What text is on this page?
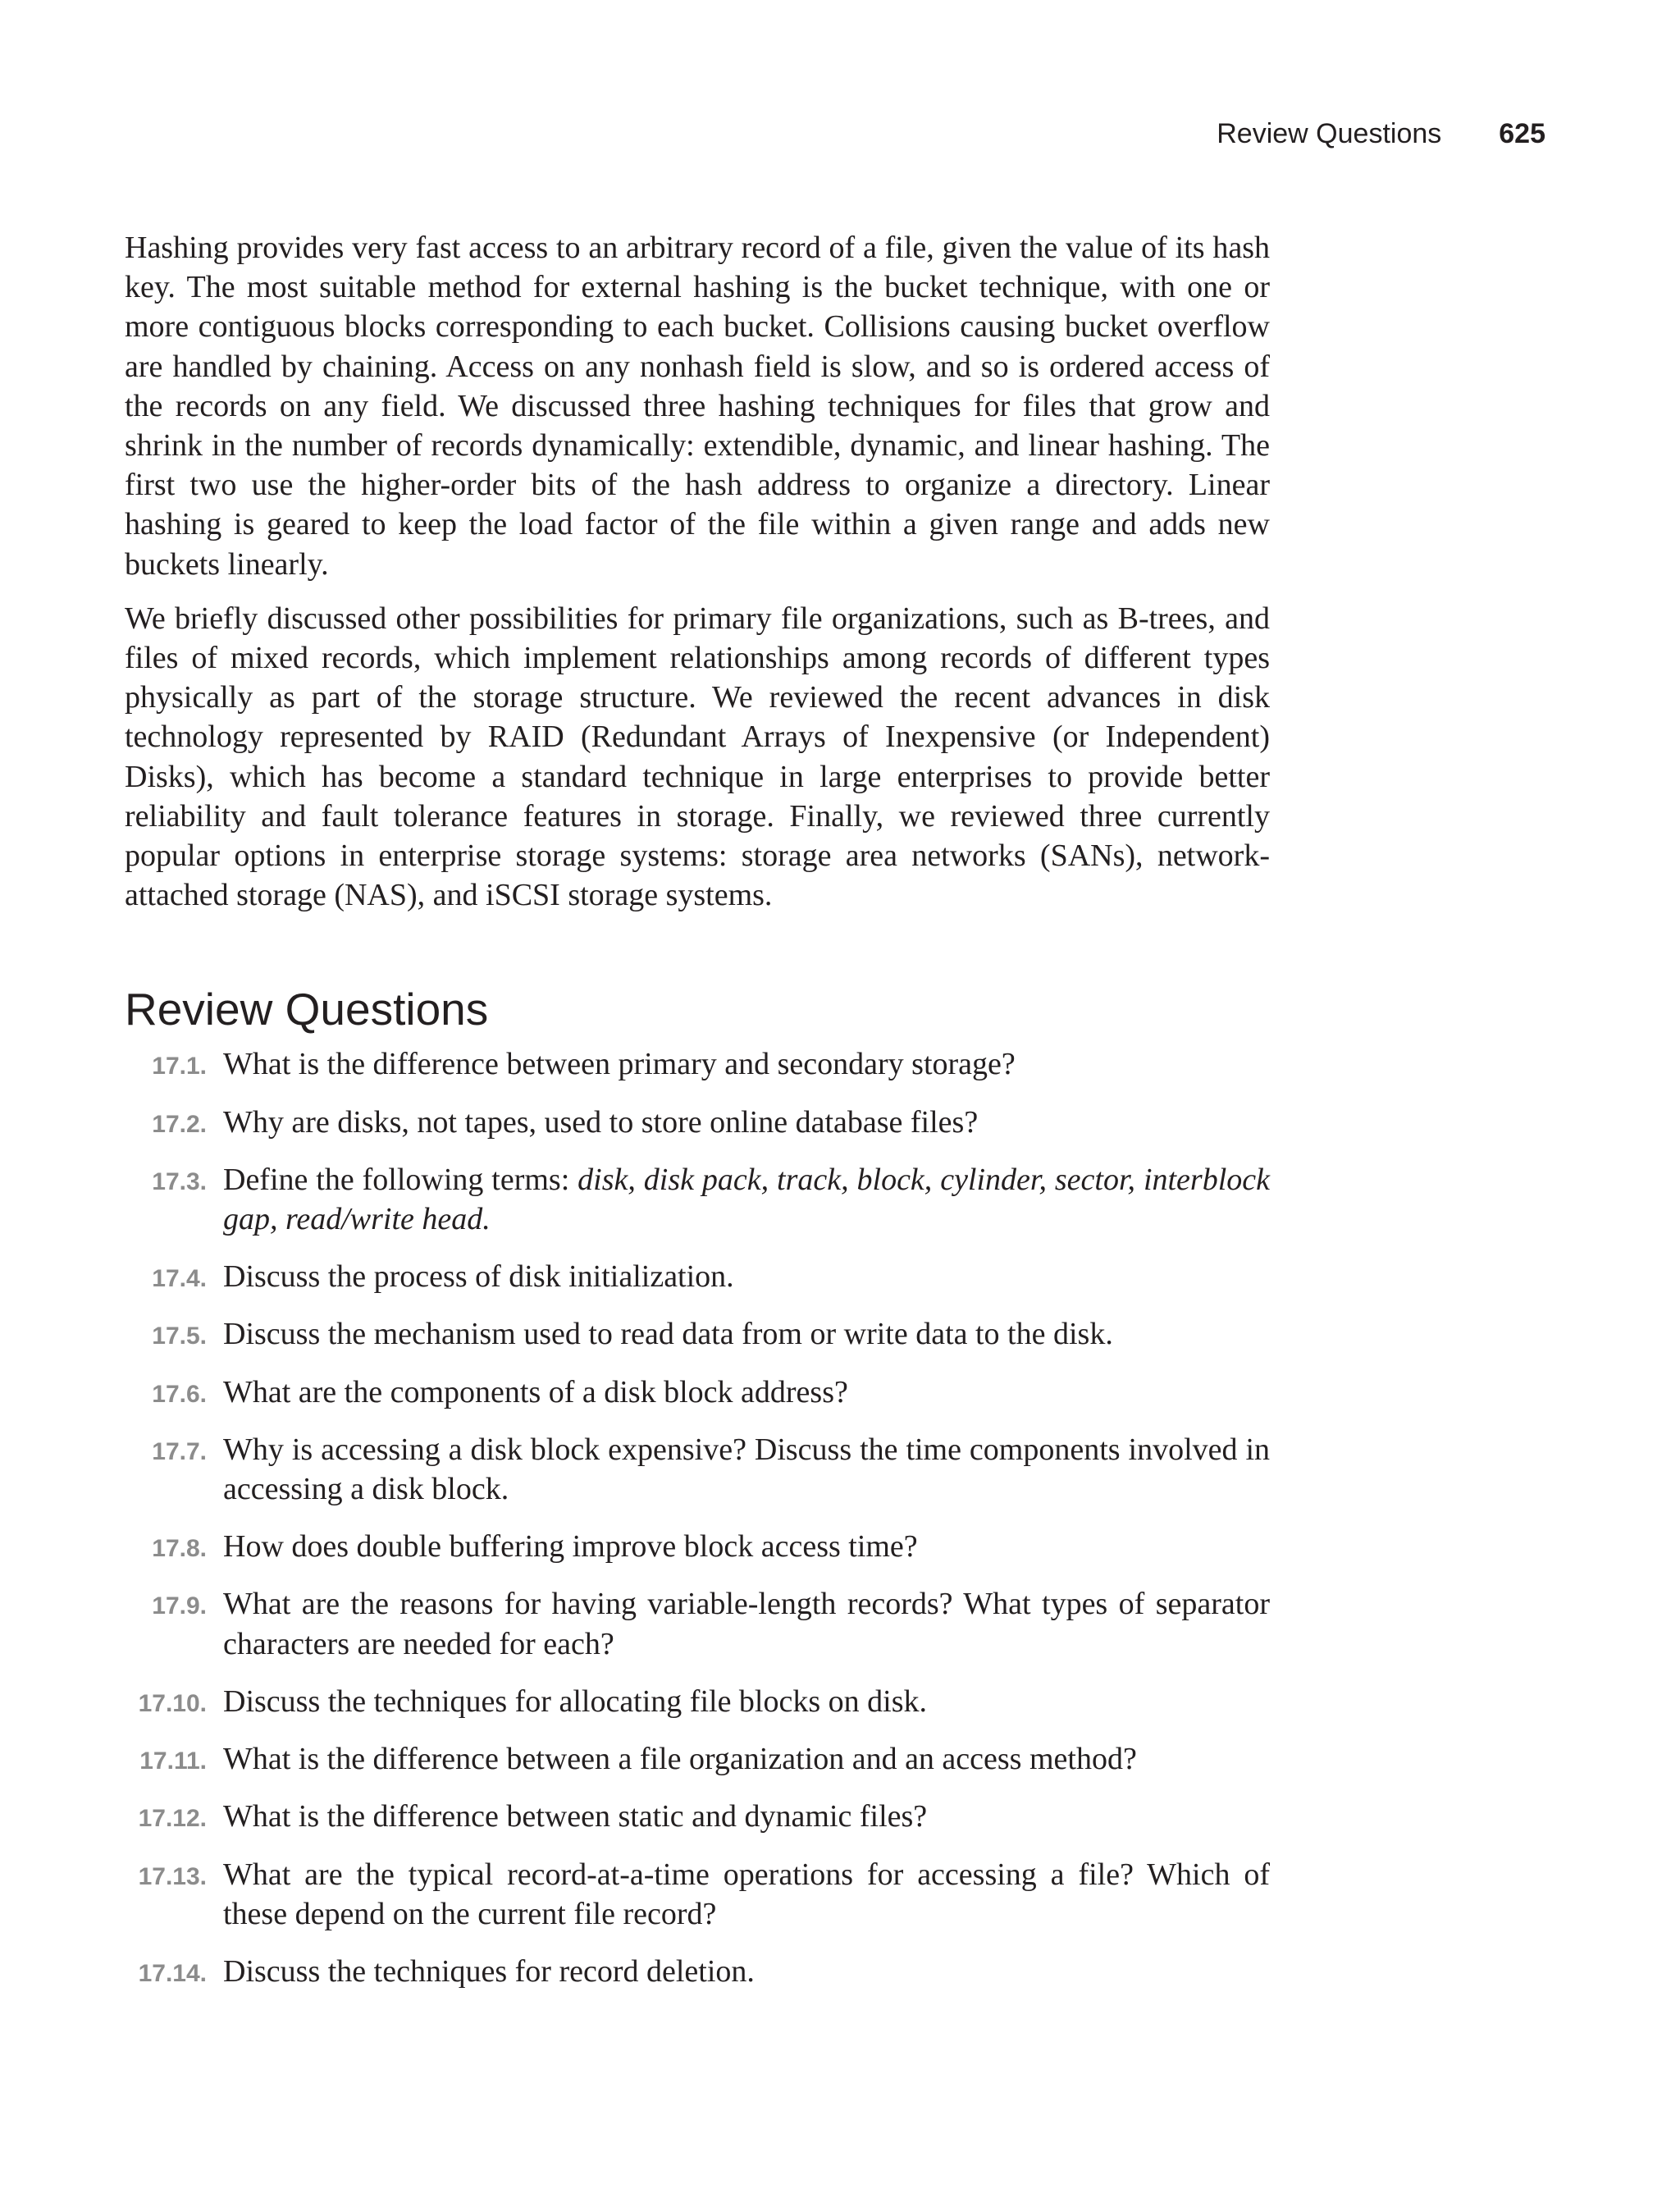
Review Questions 625

Hashing provides very fast access to an arbitrary record of a file, given the value of its hash key. The most suitable method for external hashing is the bucket technique, with one or more contiguous blocks corresponding to each bucket. Collisions causing bucket overflow are handled by chaining. Access on any nonhash field is slow, and so is ordered access of the records on any field. We discussed three hashing techniques for files that grow and shrink in the number of records dynamically: extendible, dynamic, and linear hashing. The first two use the higher-order bits of the hash address to organize a directory. Linear hashing is geared to keep the load factor of the file within a given range and adds new buckets linearly.

We briefly discussed other possibilities for primary file organizations, such as B-trees, and files of mixed records, which implement relationships among records of different types physically as part of the storage structure. We reviewed the recent advances in disk technology represented by RAID (Redundant Arrays of Inexpensive (or Independent) Disks), which has become a standard technique in large enterprises to provide better reliability and fault tolerance features in storage. Finally, we reviewed three currently popular options in enterprise storage systems: storage area networks (SANs), network-attached storage (NAS), and iSCSI storage systems.

Review Questions
17.1. What is the difference between primary and secondary storage?
17.2. Why are disks, not tapes, used to store online database files?
17.3. Define the following terms: disk, disk pack, track, block, cylinder, sector, interblock gap, read/write head.
17.4. Discuss the process of disk initialization.
17.5. Discuss the mechanism used to read data from or write data to the disk.
17.6. What are the components of a disk block address?
17.7. Why is accessing a disk block expensive? Discuss the time components involved in accessing a disk block.
17.8. How does double buffering improve block access time?
17.9. What are the reasons for having variable-length records? What types of separator characters are needed for each?
17.10. Discuss the techniques for allocating file blocks on disk.
17.11. What is the difference between a file organization and an access method?
17.12. What is the difference between static and dynamic files?
17.13. What are the typical record-at-a-time operations for accessing a file? Which of these depend on the current file record?
17.14. Discuss the techniques for record deletion.
